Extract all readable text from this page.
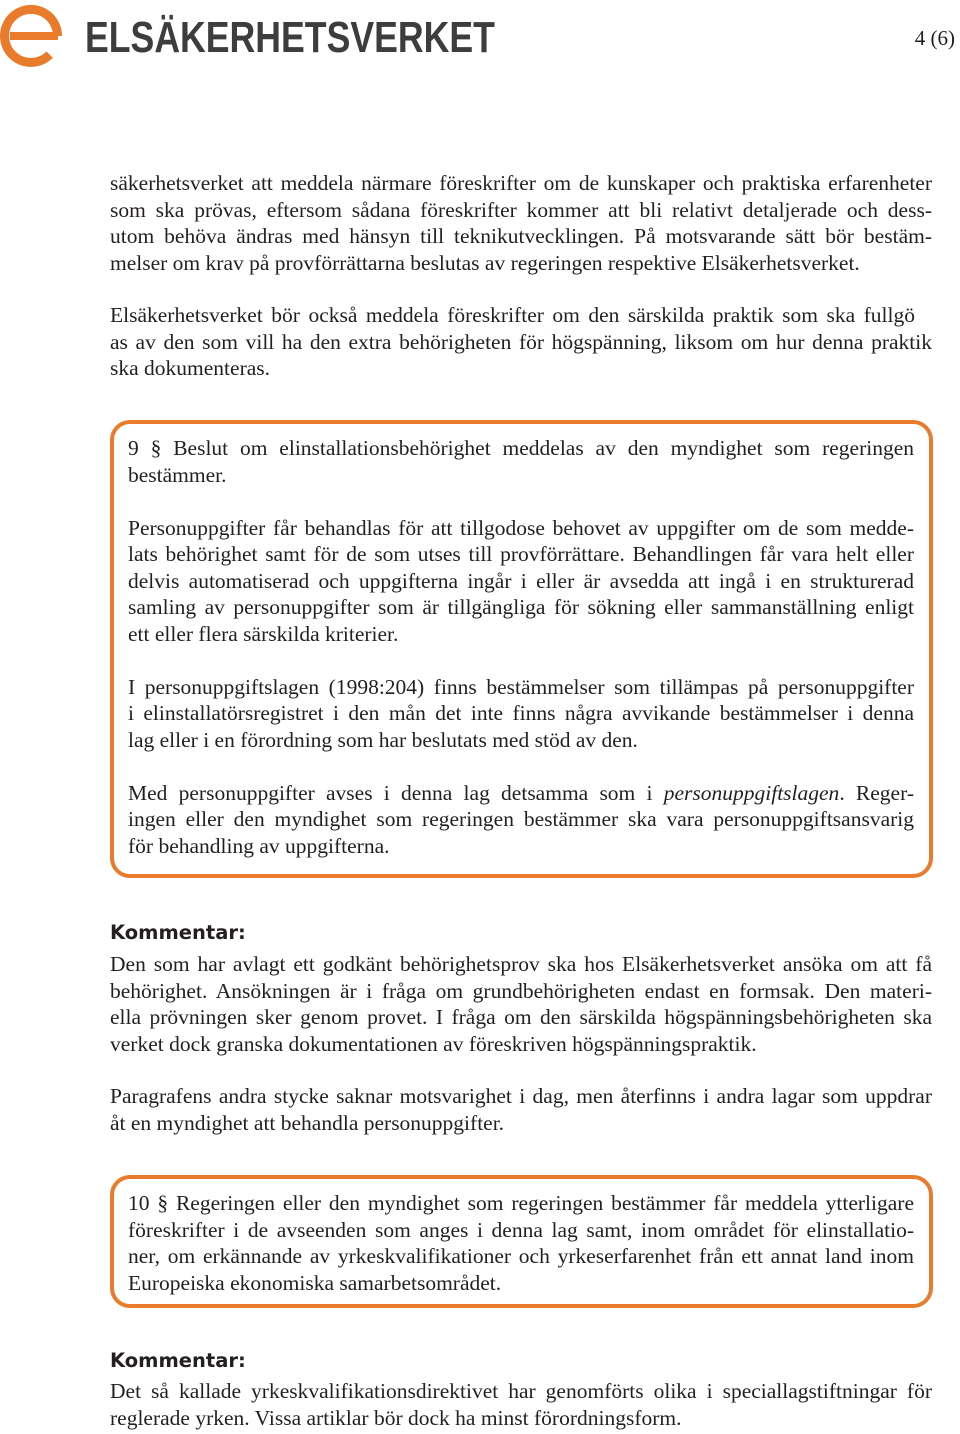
ELSÄKERHETSVERKET	4 (6)
säkerhetsverket att meddela närmare föreskrifter om de kunskaper och praktiska erfarenheter
som ska prövas, eftersom sådana föreskrifter kommer att bli relativt detaljerade och dess-
utom behöva ändras med hänsyn till teknikutvecklingen. På motsvarande sätt bör bestäm-
melser om krav på provförrättarna beslutas av regeringen respektive Elsäkerhetsverket.
Elsäkerhetsverket bör också meddela föreskrifter om den särskilda praktik som ska fullgö
as av den som vill ha den extra behörigheten för högspänning, liksom om hur denna praktik
ska dokumenteras.
9 § Beslut om elinstallationsbehörighet meddelas av den myndighet som regeringen
bestämmer.
Personuppgifter får behandlas för att tillgodose behovet av uppgifter om de som medde-
lats behörighet samt för de som utses till provförrättare. Behandlingen får vara helt eller
delvis automatiserad och uppgifterna ingår i eller är avsedda att ingå i en strukturerad
samling av personuppgifter som är tillgängliga för sökning eller sammanställning enligt
ett eller flera särskilda kriterier.
I personuppgiftslagen (1998:204) finns bestämmelser som tillämpas på personuppgifter
i elinstallatörsregistret i den mån det inte finns några avvikande bestämmelser i denna
lag eller i en förordning som har beslutats med stöd av den.
Med personuppgifter avses i denna lag detsamma som i personuppgiftslagen. Reger-
ingen eller den myndighet som regeringen bestämmer ska vara personuppgiftsansvarig
för behandling av uppgifterna.
Kommentar:
Den som har avlagt ett godkänt behörighetsprov ska hos Elsäkerhetsverket ansöka om att få
behörighet. Ansökningen är i fråga om grundbehörigheten endast en formsak. Den materi-
ella prövningen sker genom provet. I fråga om den särskilda högspänningsbehörigheten ska
verket dock granska dokumentationen av föreskriven högspänningspraktik.
Paragrafens andra stycke saknar motsvarighet i dag, men återfinns i andra lagar som uppdrar
åt en myndighet att behandla personuppgifter.
10 § Regeringen eller den myndighet som regeringen bestämmer får meddela ytterligare
föreskrifter i de avseenden som anges i denna lag samt, inom området för elinstallatio-
ner, om erkännande av yrkeskvalifikationer och yrkeserfarenhet från ett annat land inom
Europeiska ekonomiska samarbetsområdet.
Kommentar:
Det så kallade yrkeskvalifikationsdirektivet har genomförts olika i speciallagstiftningar för
reglerade yrken. Vissa artiklar bör dock ha minst förordningsform.
